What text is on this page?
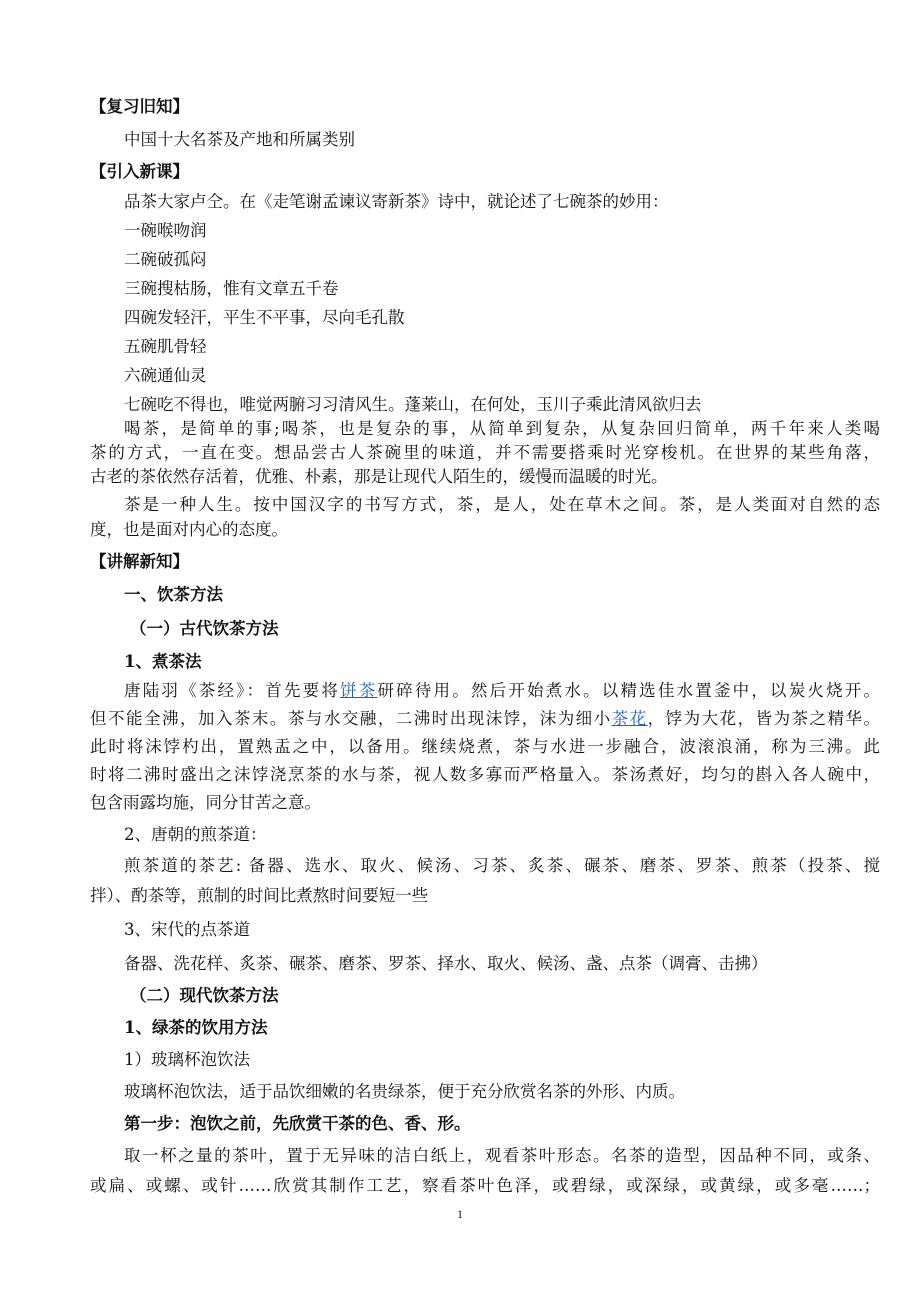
【复习旧知】
中国十大名茶及产地和所属类别
【引入新课】
品茶大家卢仝。在《走笔谢孟谏议寄新茶》诗中，就论述了七碗茶的妙用：
一碗喉吻润
二碗破孤闷
三碗搜枯肠，惟有文章五千卷
四碗发轻汗，平生不平事，尽向毛孔散
五碗肌骨轻
六碗通仙灵
七碗吃不得也，唯觉两腑习习清风生。蓬莱山，在何处，玉川子乘此清风欲归去
喝茶，是简单的事;喝茶，也是复杂的事，从简单到复杂，从复杂回归简单，两千年来人类喝
茶的方式，一直在变。想品尝古人茶碗里的味道，并不需要搭乘时光穿梭机。在世界的某些角落，
古老的茶依然存活着，优雅、朴素，那是让现代人陌生的，缓慢而温暖的时光。
茶是一种人生。按中国汉字的书写方式，茶，是人，处在草木之间。茶，是人类面对自然的态
度，也是面对内心的态度。
【讲解新知】
一、饮茶方法
（一）古代饮茶方法
1、煮茶法
唐陆羽《茶经》：首先要将饼茶研碎待用。然后开始煮水。以精选佳水置釜中，以炭火烧开。
但不能全沸，加入茶末。茶与水交融，二沸时出现沫饽，沫为细小茶花，饽为大花，皆为茶之精华。
此时将沫饽杓出，置熟盂之中，以备用。继续烧煮，茶与水进一步融合，波滚浪涌，称为三沸。此
时将二沸时盛出之沫饽浇烹茶的水与茶，视人数多寡而严格量入。茶汤煮好，均匀的斟入各人碗中，
包含雨露均施，同分甘苦之意。
2、唐朝的煎茶道：
煎茶道的茶艺: 备器、选水、取火、候汤、习茶、炙茶、碾茶、磨茶、罗茶、煎茶（投茶、搅
拌）、酌茶等，煎制的时间比煮熬时间要短一些
3、宋代的点茶道
备器、洗花样、炙茶、碾茶、磨茶、罗茶、择水、取火、候汤、盏、点茶（调膏、击拂）
（二）现代饮茶方法
1、绿茶的饮用方法
1）玻璃杯泡饮法
玻璃杯泡饮法，适于品饮细嫩的名贵绿茶，便于充分欣赏名茶的外形、内质。
第一步：泡饮之前，先欣赏干茶的色、香、形。
取一杯之量的茶叶，置于无异味的洁白纸上，观看茶叶形态。名茶的造型，因品种不同，或条、
或扁、或螺、或针……欣赏其制作工艺，察看茶叶色泽，或碧绿，或深绿，或黄绿，或多毫……；
1
